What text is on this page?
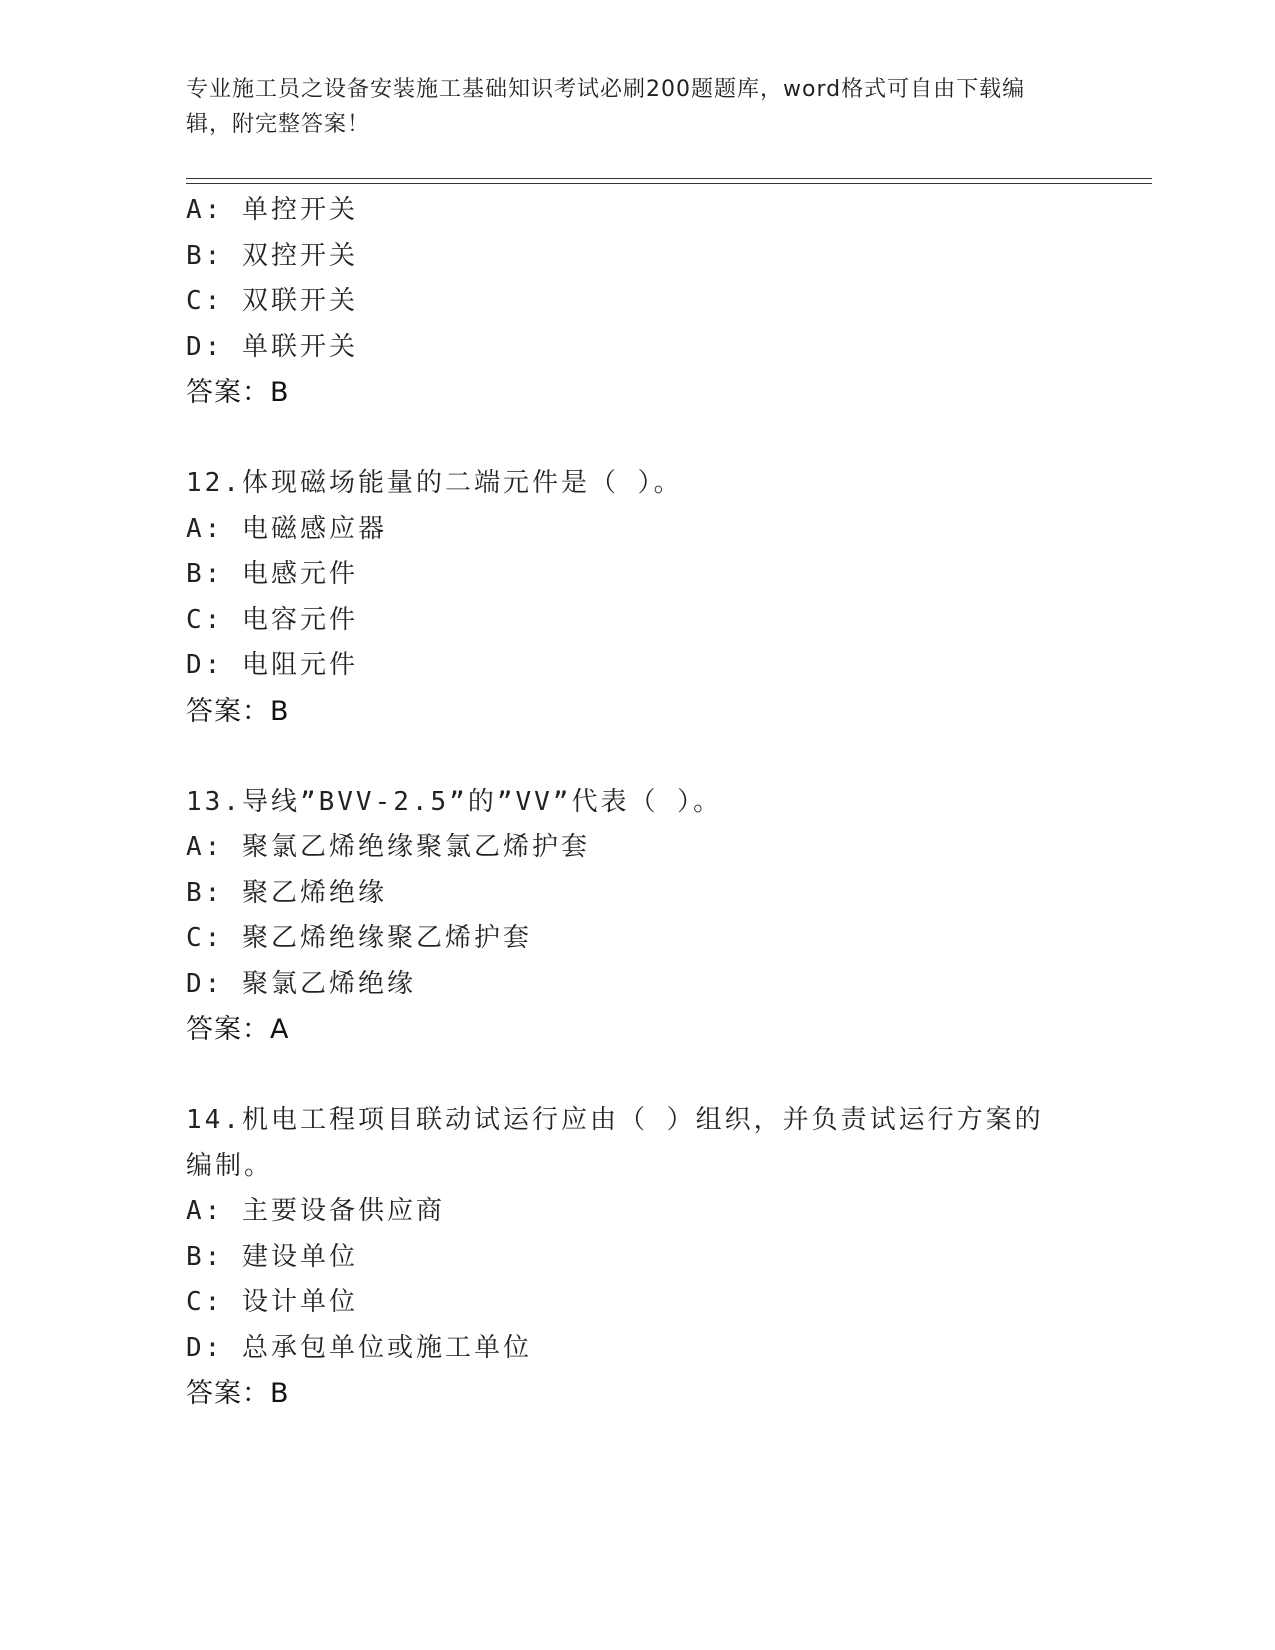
专业施工员之设备安装施工基础知识考试必刷200题题库，word格式可自由下载编辑，附完整答案！
A: 单控开关
B: 双控开关
C: 双联开关
D: 单联开关
答案：B
12.体现磁场能量的二端元件是（ ）。
A: 电磁感应器
B: 电感元件
C: 电容元件
D: 电阻元件
答案：B
13.导线”BVV-2.5”的”VV”代表（ ）。
A: 聚氯乙烯绝缘聚氯乙烯护套
B: 聚乙烯绝缘
C: 聚乙烯绝缘聚乙烯护套
D: 聚氯乙烯绝缘
答案：A
14.机电工程项目联动试运行应由（ ）组织，并负责试运行方案的编制。
A: 主要设备供应商
B: 建设单位
C: 设计单位
D: 总承包单位或施工单位
答案：B
